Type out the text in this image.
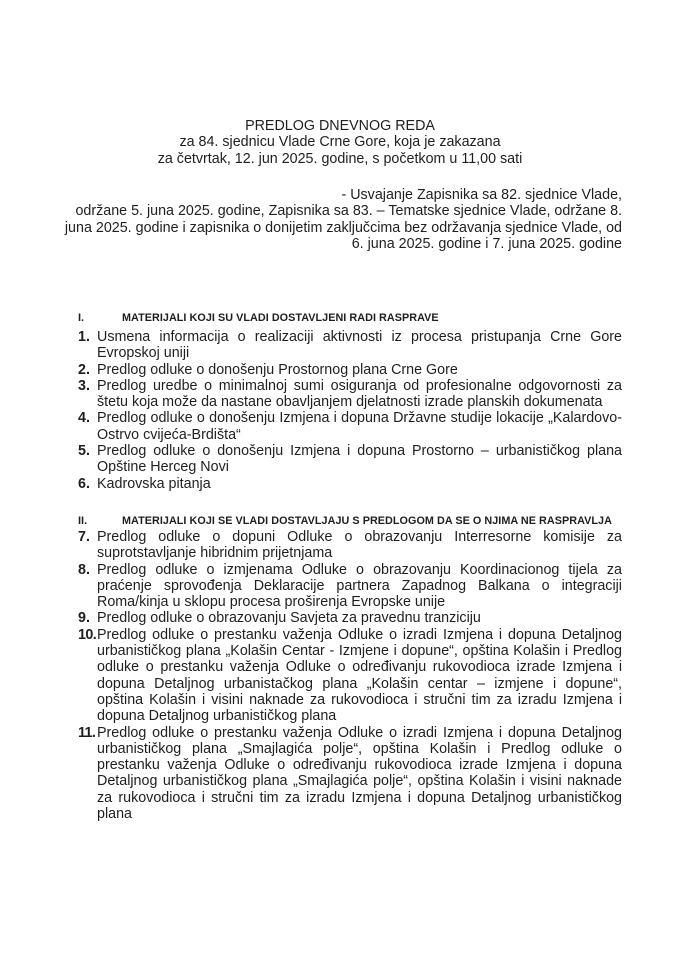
PREDLOG DNEVNOG REDA
za 84. sjednicu Vlade Crne Gore, koja je zakazana
za četvrtak, 12. jun 2025. godine, s početkom u 11,00 sati
- Usvajanje Zapisnika sa 82. sjednice Vlade,
održane 5. juna 2025. godine, Zapisnika sa 83. – Tematske sjednice Vlade, održane 8.
juna 2025. godine i zapisnika o donijetim zaključcima bez održavanja sjednice Vlade, od
6. juna 2025. godine i 7. juna 2025. godine
I.	MATERIJALI KOJI SU VLADI DOSTAVLJENI RADI RASPRAVE
1. Usmena informacija o realizaciji aktivnosti iz procesa pristupanja Crne Gore Evropskoj uniji
2. Predlog odluke o donošenju Prostornog plana Crne Gore
3. Predlog uredbe o minimalnoj sumi osiguranja od profesionalne odgovornosti za štetu koja može da nastane obavljanjem djelatnosti izrade planskih dokumenata
4. Predlog odluke o donošenju Izmjena i dopuna Državne studije lokacije „Kalardovo-Ostrvo cvijeća-Brdišta“
5. Predlog odluke o donošenju Izmjena i dopuna Prostorno – urbanističkog plana Opštine Herceg Novi
6. Kadrovska pitanja
II.	MATERIJALI KOJI SE VLADI DOSTAVLJAJU S PREDLOGOM DA SE O NJIMA NE RASPRAVLJA
7. Predlog odluke o dopuni Odluke o obrazovanju Interresorne komisije za suprotstavljanje hibridnim prijetnjama
8. Predlog odluke o izmjenama Odluke o obrazovanju Koordinacionog tijela za praćenje sprovođenja Deklaracije partnera Zapadnog Balkana o integraciji Roma/kinja u sklopu procesa proširenja Evropske unije
9. Predlog odluke o obrazovanju Savjeta za pravednu tranziciju
10. Predlog odluke o prestanku važenja Odluke o izradi Izmjena i dopuna Detaljnog urbanističkog plana „Kolašin Centar - Izmjene i dopune“, opština Kolašin i Predlog odluke o prestanku važenja Odluke o određivanju rukovodioca izrade Izmjena i dopuna Detaljnog urbanistačkog plana „Kolašin centar – izmjene i dopune“, opština Kolašin i visini naknade za rukovodioca i stručni tim za izradu Izmjena i dopuna Detaljnog urbanističkog plana
11. Predlog odluke o prestanku važenja Odluke o izradi Izmjena i dopuna Detaljnog urbanističkog plana „Smajlagića polje“, opština Kolašin i Predlog odluke o prestanku važenja Odluke o određivanju rukovodioca izrade Izmjena i dopuna Detaljnog urbanističkog plana „Smajlagića polje“, opština Kolašin i visini naknade za rukovodioca i stručni tim za izradu Izmjena i dopuna Detaljnog urbanističkog plana
